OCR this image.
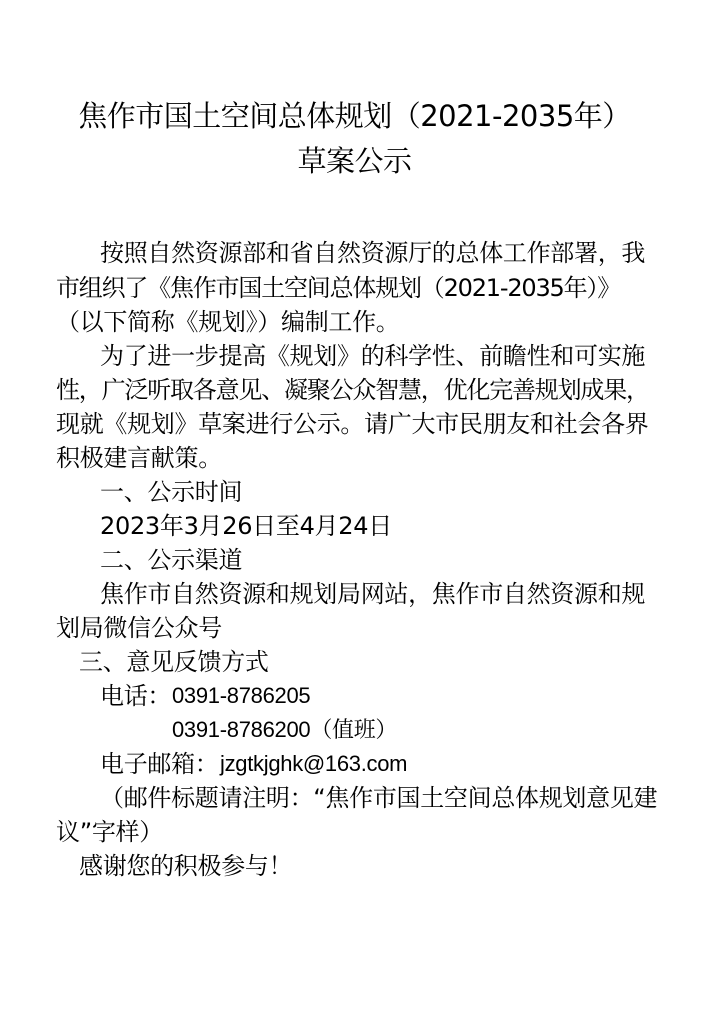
焦作市国土空间总体规划（2021-2035年）
草案公示
按照自然资源部和省自然资源厅的总体工作部署，我
市组织了《焦作市国土空间总体规划（2021-2035年）》
（以下简称《规划》）编制工作。
为了进一步提高《规划》的科学性、前瞻性和可实施
性，广泛听取各意见、凝聚公众智慧，优化完善规划成果，
现就《规划》草案进行公示。请广大市民朋友和社会各界
积极建言献策。
一、公示时间
2023年3月26日至4月24日
二、公示渠道
焦作市自然资源和规划局网站，焦作市自然资源和规
划局微信公众号
三、意见反馈方式
电话： 0391-8786205
0391-8786200（值班）
电子邮箱： jzgtkjghk@163.com
（邮件标题请注明：“焦作市国土空间总体规划意见建
议”字样）
感谢您的积极参与！
